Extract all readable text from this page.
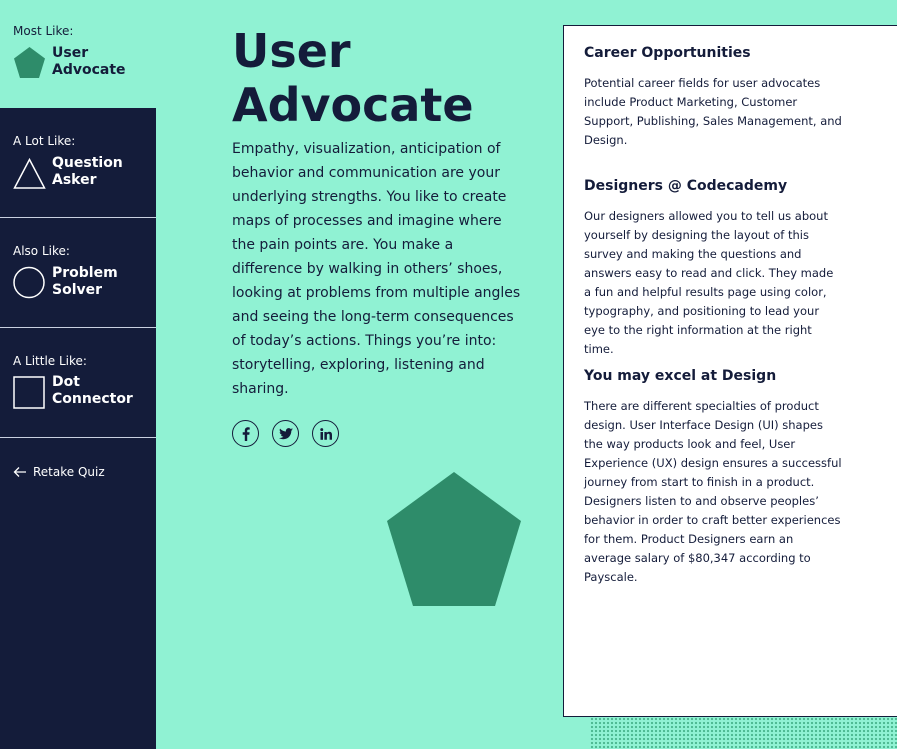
Most Like:
User
Advocate
A Lot Like:
Question
Asker
Also Like:
Problem
Solver
A Little Like:
Dot
Connector
Retake Quiz
User
Advocate

Empathy, visualization, anticipation of behavior and communication are your underlying strengths. You like to create maps of processes and imagine where the pain points are. You make a difference by walking in others’ shoes, looking at problems from multiple angles and seeing the long-term consequences of today’s actions. Things you’re into: storytelling, exploring, listening and sharing.

Career Opportunities

Potential career fields for user advocates include Product Marketing, Customer Support, Publishing, Sales Management, and Design.

Designers @ Codecademy

Our designers allowed you to tell us about yourself by designing the layout of this survey and making the questions and answers easy to read and click. They made a fun and helpful results page using color, typography, and positioning to lead your eye to the right information at the right time.

You may excel at Design

There are different specialties of product design. User Interface Design (UI) shapes the way products look and feel, User Experience (UX) design ensures a successful journey from start to finish in a product. Designers listen to and observe peoples’ behavior in order to craft better experiences for them. Product Designers earn an average salary of $80,347 according to Payscale.
